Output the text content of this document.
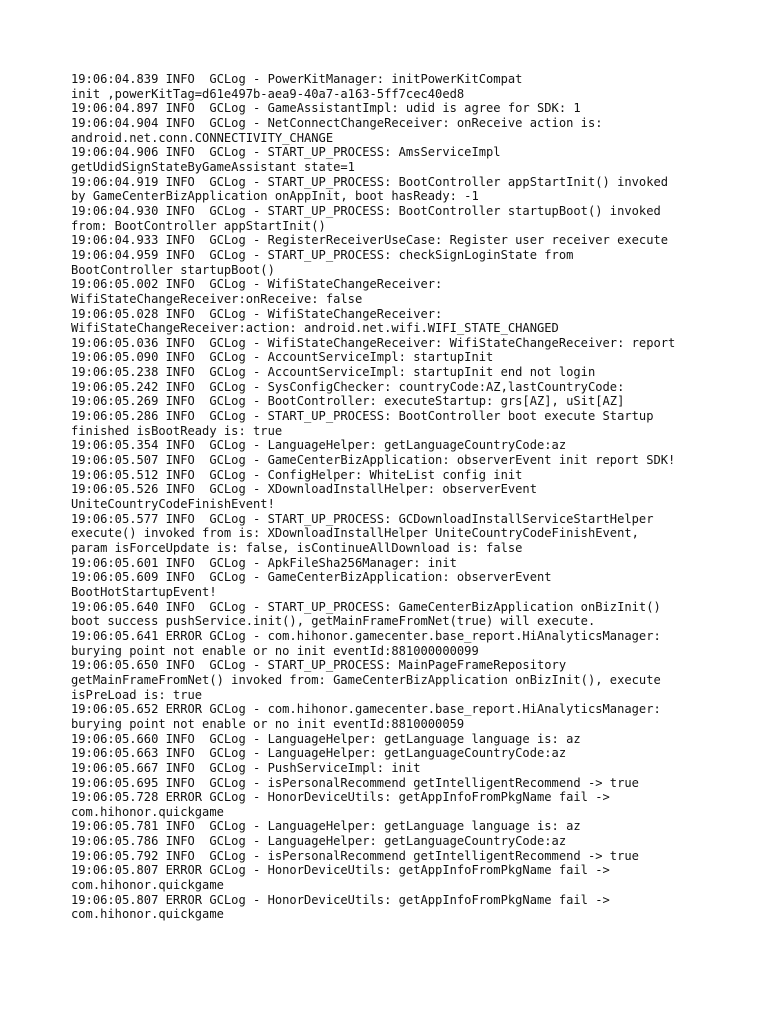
19:06:04.839 INFO  GCLog - PowerKitManager: initPowerKitCompat
init ,powerKitTag=d61e497b-aea9-40a7-a163-5ff7cec40ed8
19:06:04.897 INFO  GCLog - GameAssistantImpl: udid is agree for SDK: 1
19:06:04.904 INFO  GCLog - NetConnectChangeReceiver: onReceive action is:
android.net.conn.CONNECTIVITY_CHANGE
19:06:04.906 INFO  GCLog - START_UP_PROCESS: AmsServiceImpl
getUdidSignStateByGameAssistant state=1
19:06:04.919 INFO  GCLog - START_UP_PROCESS: BootController appStartInit() invoked
by GameCenterBizApplication onAppInit, boot hasReady: -1
19:06:04.930 INFO  GCLog - START_UP_PROCESS: BootController startupBoot() invoked
from: BootController appStartInit()
19:06:04.933 INFO  GCLog - RegisterReceiverUseCase: Register user receiver execute
19:06:04.959 INFO  GCLog - START_UP_PROCESS: checkSignLoginState from
BootController startupBoot()
19:06:05.002 INFO  GCLog - WifiStateChangeReceiver:
WifiStateChangeReceiver:onReceive: false
19:06:05.028 INFO  GCLog - WifiStateChangeReceiver:
WifiStateChangeReceiver:action: android.net.wifi.WIFI_STATE_CHANGED
19:06:05.036 INFO  GCLog - WifiStateChangeReceiver: WifiStateChangeReceiver: report
19:06:05.090 INFO  GCLog - AccountServiceImpl: startupInit
19:06:05.238 INFO  GCLog - AccountServiceImpl: startupInit end not login
19:06:05.242 INFO  GCLog - SysConfigChecker: countryCode:AZ,lastCountryCode:
19:06:05.269 INFO  GCLog - BootController: executeStartup: grs[AZ], uSit[AZ]
19:06:05.286 INFO  GCLog - START_UP_PROCESS: BootController boot execute Startup
finished isBootReady is: true
19:06:05.354 INFO  GCLog - LanguageHelper: getLanguageCountryCode:az
19:06:05.507 INFO  GCLog - GameCenterBizApplication: observerEvent init report SDK!
19:06:05.512 INFO  GCLog - ConfigHelper: WhiteList config init
19:06:05.526 INFO  GCLog - XDownloadInstallHelper: observerEvent
UniteCountryCodeFinishEvent!
19:06:05.577 INFO  GCLog - START_UP_PROCESS: GCDownloadInstallServiceStartHelper
execute() invoked from is: XDownloadInstallHelper UniteCountryCodeFinishEvent,
param isForceUpdate is: false, isContinueAllDownload is: false
19:06:05.601 INFO  GCLog - ApkFileSha256Manager: init
19:06:05.609 INFO  GCLog - GameCenterBizApplication: observerEvent
BootHotStartupEvent!
19:06:05.640 INFO  GCLog - START_UP_PROCESS: GameCenterBizApplication onBizInit()
boot success pushService.init(), getMainFrameFromNet(true) will execute.
19:06:05.641 ERROR GCLog - com.hihonor.gamecenter.base_report.HiAnalyticsManager:
burying point not enable or no init eventId:881000000099
19:06:05.650 INFO  GCLog - START_UP_PROCESS: MainPageFrameRepository
getMainFrameFromNet() invoked from: GameCenterBizApplication onBizInit(), execute
isPreLoad is: true
19:06:05.652 ERROR GCLog - com.hihonor.gamecenter.base_report.HiAnalyticsManager:
burying point not enable or no init eventId:8810000059
19:06:05.660 INFO  GCLog - LanguageHelper: getLanguage language is: az
19:06:05.663 INFO  GCLog - LanguageHelper: getLanguageCountryCode:az
19:06:05.667 INFO  GCLog - PushServiceImpl: init
19:06:05.695 INFO  GCLog - isPersonalRecommend getIntelligentRecommend -> true
19:06:05.728 ERROR GCLog - HonorDeviceUtils: getAppInfoFromPkgName fail ->
com.hihonor.quickgame
19:06:05.781 INFO  GCLog - LanguageHelper: getLanguage language is: az
19:06:05.786 INFO  GCLog - LanguageHelper: getLanguageCountryCode:az
19:06:05.792 INFO  GCLog - isPersonalRecommend getIntelligentRecommend -> true
19:06:05.807 ERROR GCLog - HonorDeviceUtils: getAppInfoFromPkgName fail ->
com.hihonor.quickgame
19:06:05.807 ERROR GCLog - HonorDeviceUtils: getAppInfoFromPkgName fail ->
com.hihonor.quickgame
